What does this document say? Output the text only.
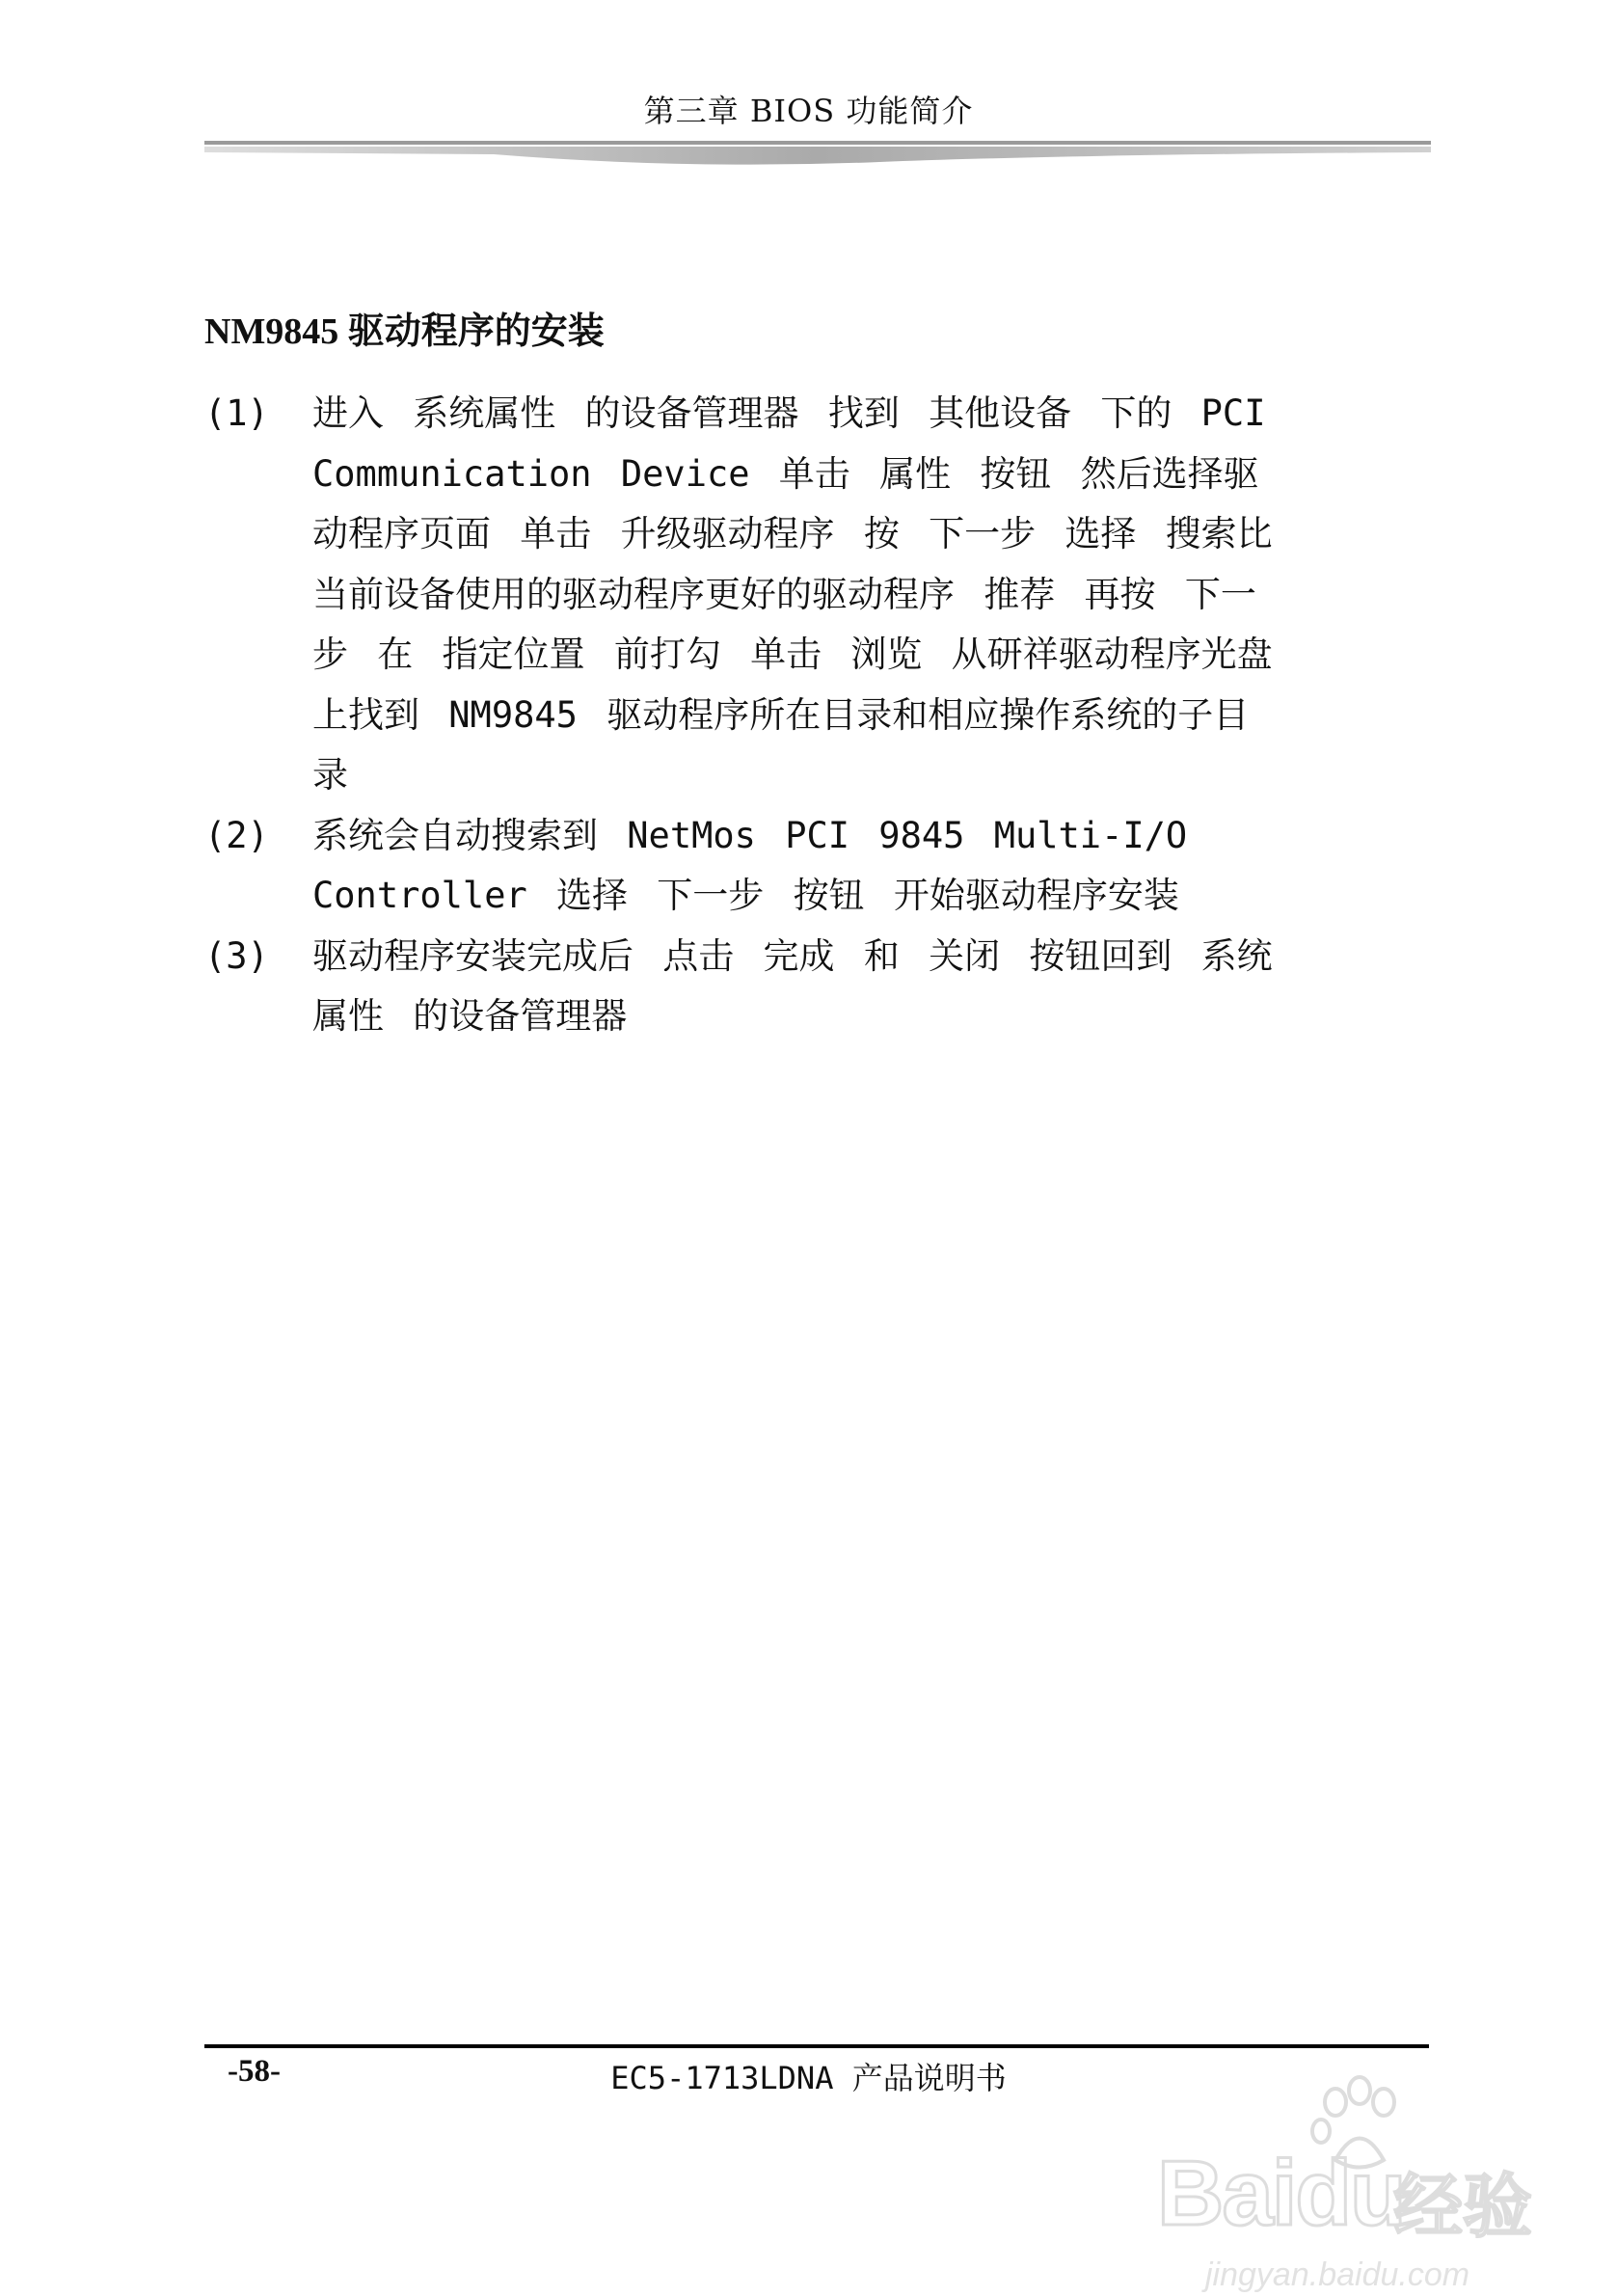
第三章 BIOS 功能简介
NM9845 驱动程序的安装
(1)	进入 系统属性 的设备管理器 找到 其他设备 下的 PCI Communication Device 单击 属性 按钮 然后选择驱动程序页面 单击 升级驱动程序 按 下一步 选择 搜索比当前设备使用的驱动程序更好的驱动程序 推荐 再按 下一步 在 指定位置 前打勾 单击 浏览 从研祥驱动程序光盘上找到 NM9845 驱动程序所在目录和相应操作系统的子目录
(2)	系统会自动搜索到 NetMos PCI 9845 Multi-I/O Controller 选择 下一步 按钮 开始驱动程序安装
(3)	驱动程序安装完成后 点击 完成 和 关闭 按钮回到 系统属性 的设备管理器
-58-	EC5-1713LDNA 产品说明书
Baidu
经验
jingyan.baidu.com
